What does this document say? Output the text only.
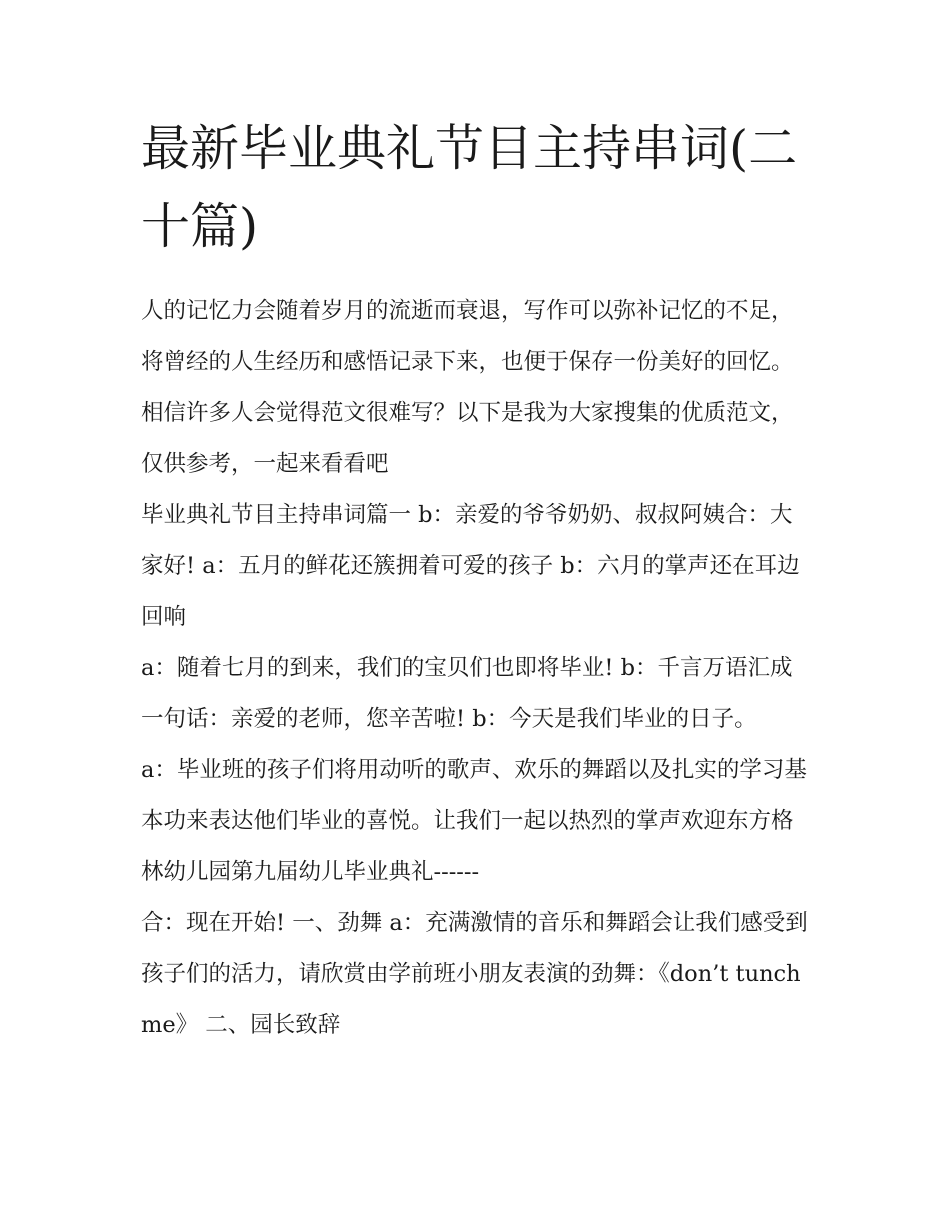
最新毕业典礼节目主持串词(二十篇)

人的记忆力会随着岁月的流逝而衰退，写作可以弥补记忆的不足，将曾经的人生经历和感悟记录下来，也便于保存一份美好的回忆。相信许多人会觉得范文很难写？以下是我为大家搜集的优质范文，仅供参考，一起来看看吧

毕业典礼节目主持串词篇一 b：亲爱的爷爷奶奶、叔叔阿姨合：大家好! a：五月的鲜花还簇拥着可爱的孩子 b：六月的掌声还在耳边回响

a：随着七月的到来，我们的宝贝们也即将毕业! b：千言万语汇成一句话：亲爱的老师，您辛苦啦! b：今天是我们毕业的日子。

a：毕业班的孩子们将用动听的歌声、欢乐的舞蹈以及扎实的学习基本功来表达他们毕业的喜悦。让我们一起以热烈的掌声欢迎东方格林幼儿园第九届幼儿毕业典礼------

合：现在开始! 一、劲舞 a：充满激情的音乐和舞蹈会让我们感受到孩子们的活力，请欣赏由学前班小朋友表演的劲舞：《don’t tunch me》 二、园长致辞
